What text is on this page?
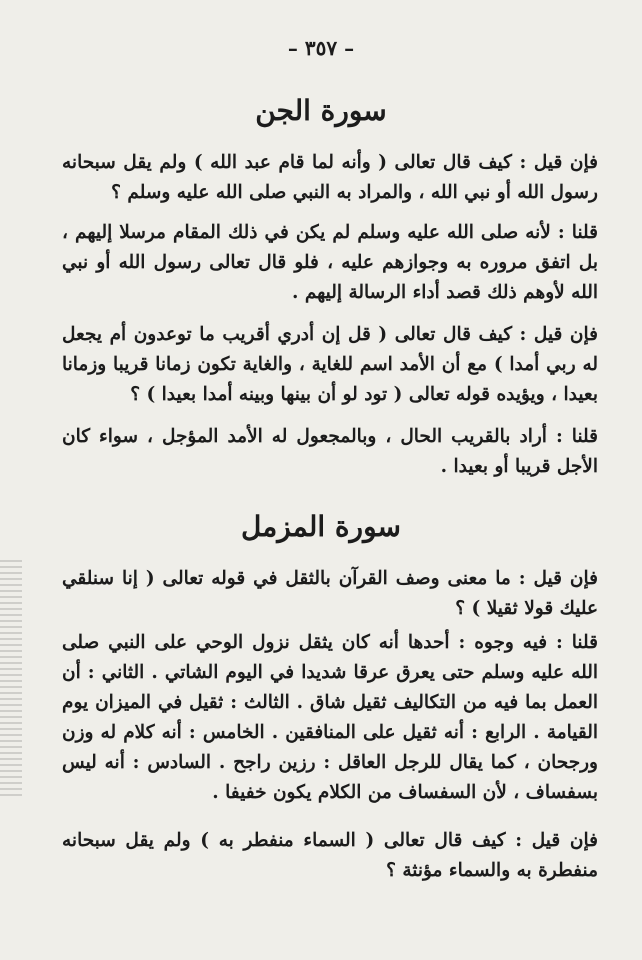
– ٣٥٧ –
سورة الجن
فإن قيل : كيف قال تعالى ( وأنه لما قام عبد الله ) ولم يقل سبحانه رسول الله أو نبي الله ، والمراد به النبي صلى الله عليه وسلم ؟
قلنا : لأنه صلى الله عليه وسلم لم يكن في ذلك المقام مرسلا إليهم ، بل اتفق مروره به وجوازهم عليه ، فلو قال تعالى رسول الله أو نبي الله لأوهم ذلك قصد أداء الرسالة إليهم .
فإن قيل : كيف قال تعالى ( قل إن أدري أقريب ما توعدون أم يجعل له ربي أمدا ) مع أن الأمد اسم للغاية ، والغاية تكون زمانا قريبا وزمانا بعيدا ، ويؤيده قوله تعالى ( تود لو أن بينها وبينه أمدا بعيدا ) ؟
قلنا : أراد بالقريب الحال ، وبالمجعول له الأمد المؤجل ، سواء كان الأجل قريبا أو بعيدا .
سورة المزمل
فإن قيل : ما معنى وصف القرآن بالثقل في قوله تعالى ( إنا سنلقي عليك قولا ثقيلا ) ؟
قلنا : فيه وجوه : أحدها أنه كان يثقل نزول الوحي على النبي صلى الله عليه وسلم حتى يعرق عرقا شديدا في اليوم الشاتي . الثاني : أن العمل بما فيه من التكاليف ثقيل شاق . الثالث : ثقيل في الميزان يوم القيامة . الرابع : أنه ثقيل على المنافقين . الخامس : أنه كلام له وزن ورجحان ، كما يقال للرجل العاقل : رزين راجح . السادس : أنه ليس بسفساف ، لأن السفساف من الكلام يكون خفيفا .
فإن قيل : كيف قال تعالى ( السماء منفطر به ) ولم يقل سبحانه منفطرة به والسماء مؤنثة ؟
